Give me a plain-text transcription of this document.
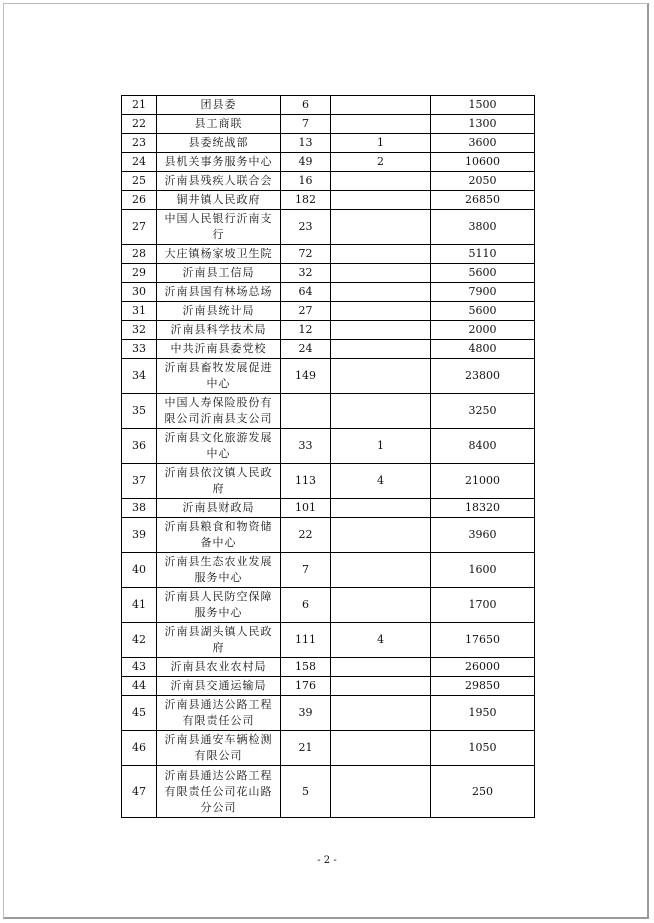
21	团县委	6		1500
22	县工商联	7		1300
23	县委统战部	13	1	3600
24	县机关事务服务中心	49	2	10600
25	沂南县残疾人联合会	16		2050
26	铜井镇人民政府	182		26850
27	中国人民银行沂南支行	23		3800
28	大庄镇杨家坡卫生院	72		5110
29	沂南县工信局	32		5600
30	沂南县国有林场总场	64		7900
31	沂南县统计局	27		5600
32	沂南县科学技术局	12		2000
33	中共沂南县委党校	24		4800
34	沂南县畜牧发展促进中心	149		23800
35	中国人寿保险股份有限公司沂南县支公司			3250
36	沂南县文化旅游发展中心	33	1	8400
37	沂南县依汶镇人民政府	113	4	21000
38	沂南县财政局	101		18320
39	沂南县粮食和物资储备中心	22		3960
40	沂南县生态农业发展服务中心	7		1600
41	沂南县人民防空保障服务中心	6		1700
42	沂南县湖头镇人民政府	111	4	17650
43	沂南县农业农村局	158		26000
44	沂南县交通运输局	176		29850
45	沂南县通达公路工程有限责任公司	39		1950
46	沂南县通安车辆检测有限公司	21		1050
47	沂南县通达公路工程有限责任公司花山路分公司	5		250
- 2 -
